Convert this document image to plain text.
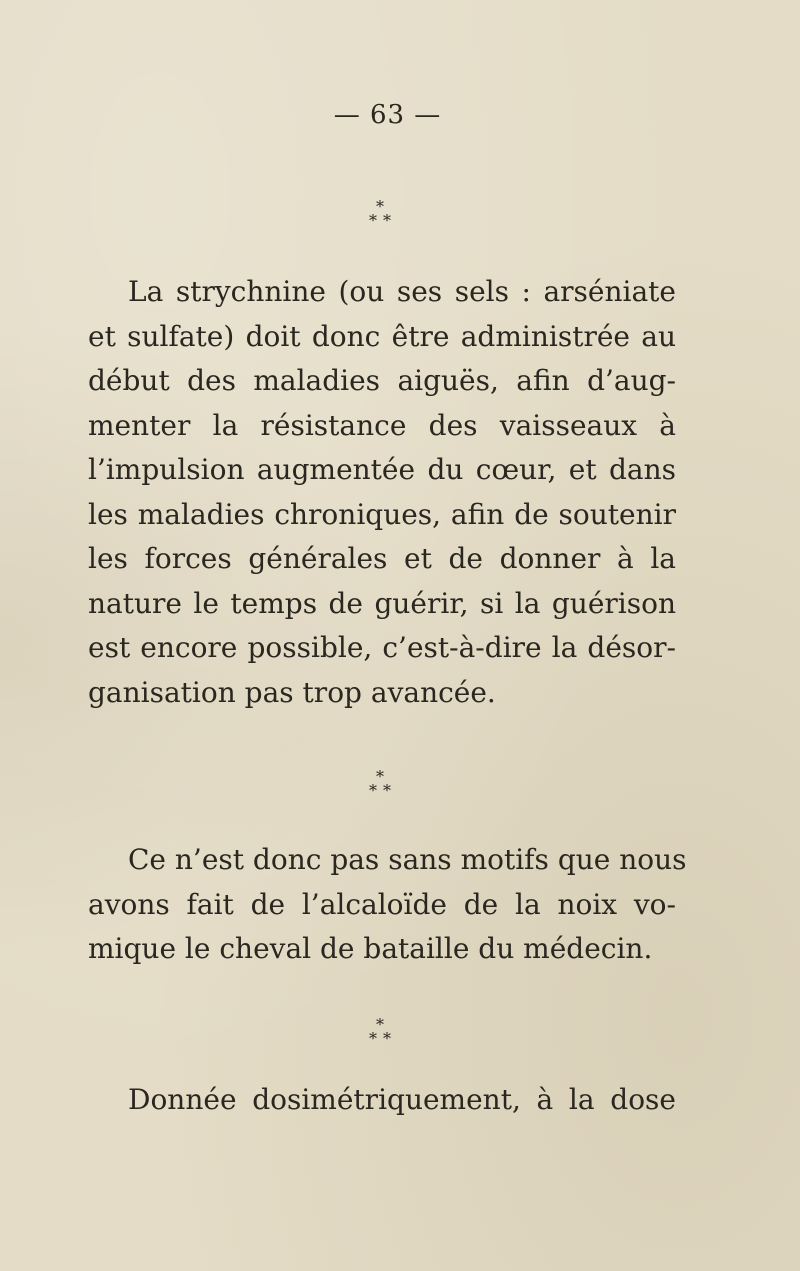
— 63 —
*
**
La strychnine (ou ses sels : arséniate
et sulfate) doit donc être administrée au
début des maladies aiguës, afin d’aug-
menter la résistance des vaisseaux à
l’impulsion augmentée du cœur, et dans
les maladies chroniques, afin de soutenir
les forces générales et de donner à la
nature le temps de guérir, si la guérison
est encore possible, c’est-à-dire la désor-
ganisation pas trop avancée.
*
**
Ce n’est donc pas sans motifs que nous
avons fait de l’alcaloïde de la noix vo-
mique le cheval de bataille du médecin.
*
**
Donnée dosimétriquement, à la dose
